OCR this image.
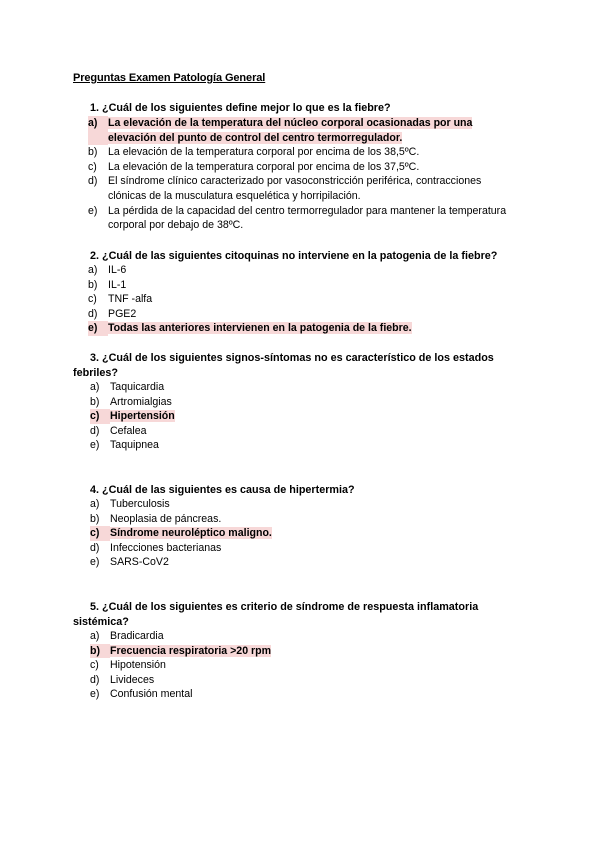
Preguntas Examen Patología General
1. ¿Cuál de los siguientes define mejor lo que es la fiebre?
a) La elevación de la temperatura del núcleo corporal ocasionadas por una elevación del punto de control del centro termorregulador.
b) La elevación de la temperatura corporal por encima de los 38,5ºC.
c)	La elevación de la temperatura corporal por encima de los 37,5ºC.
d) El síndrome clínico caracterizado por vasoconstricción periférica, contracciones clónicas de la musculatura esquelética y horripilación.
e) La pérdida de la capacidad del centro termorregulador para mantener la temperatura corporal por debajo de 38ºC.
2. ¿Cuál de las siguientes citoquinas no interviene en la patogenia de la fiebre?
a) IL-6
b) IL-1
c)	TNF -alfa
d) PGE2
e) Todas las anteriores intervienen en la patogenia de la fiebre.
3. ¿Cuál de los siguientes signos-síntomas no es característico de los estados febriles?
a) Taquicardia
b) Artromialgias
c) Hipertensión
d) Cefalea
e) Taquipnea
4. ¿Cuál de las siguientes es causa de hipertermia?
a) Tuberculosis
b) Neoplasia de páncreas.
c) Síndrome neuroléptico maligno.
d) Infecciones bacterianas
e) SARS-CoV2
5. ¿Cuál de los siguientes es criterio de síndrome de respuesta inflamatoria sistémica?
a) Bradicardia
b) Frecuencia respiratoria >20 rpm
c)	Hipotensión
d) Livideces
e) Confusión mental
